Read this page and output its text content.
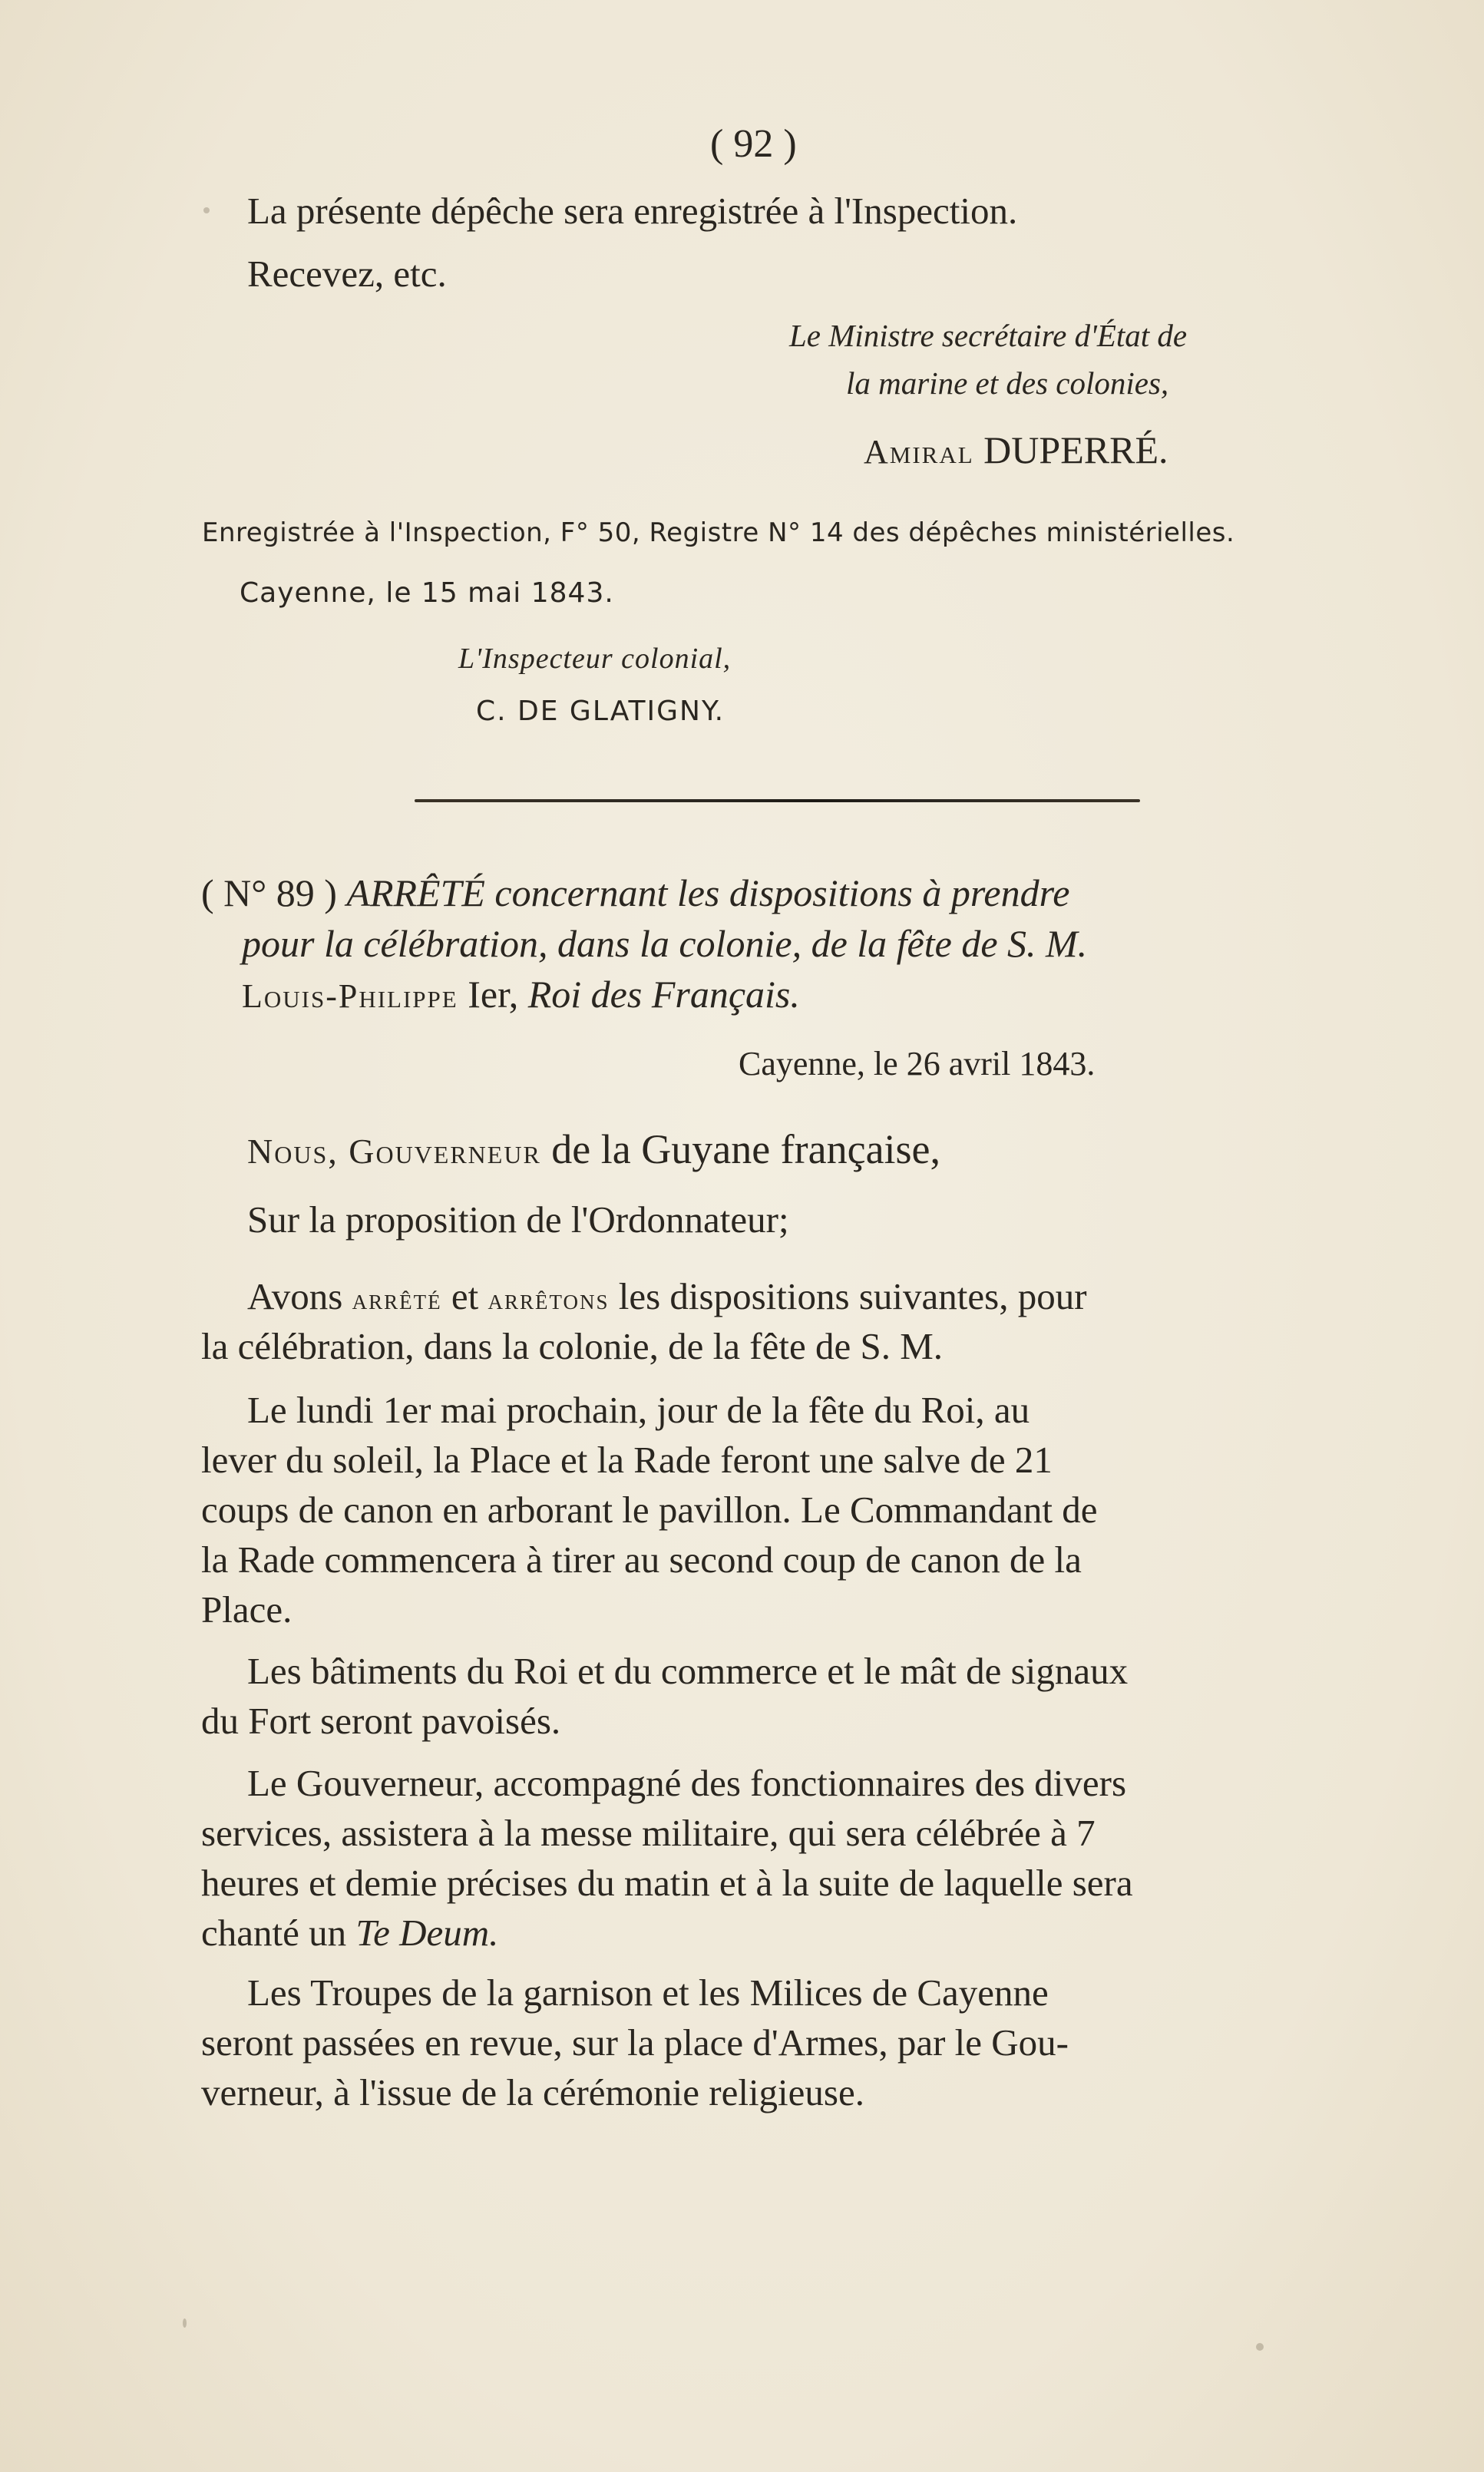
( 92 )
La présente dépêche sera enregistrée à l'Inspection.
Recevez, etc.
Le Ministre secrétaire d'État de
la marine et des colonies,
Amiral DUPERRÉ.
Enregistrée à l'Inspection, F° 50, Registre N° 14 des dépêches ministérielles.
Cayenne, le 15 mai 1843.
L'Inspecteur colonial,
C. DE GLATIGNY.
( N° 89 ) ARRÊTÉ concernant les dispositions à prendre
pour la célébration, dans la colonie, de la fête de S. M.
Louis-Philippe Ier, Roi des Français.
Cayenne, le 26 avril 1843.
Nous, Gouverneur de la Guyane française,
Sur la proposition de l'Ordonnateur;
Avons arrêté et arrêtons les dispositions suivantes, pour
la célébration, dans la colonie, de la fête de S. M.
Le lundi 1er mai prochain, jour de la fête du Roi, au
lever du soleil, la Place et la Rade feront une salve de 21
coups de canon en arborant le pavillon. Le Commandant de
la Rade commencera à tirer au second coup de canon de la
Place.
Les bâtiments du Roi et du commerce et le mât de signaux
du Fort seront pavoisés.
Le Gouverneur, accompagné des fonctionnaires des divers
services, assistera à la messe militaire, qui sera célébrée à 7
heures et demie précises du matin et à la suite de laquelle sera
chanté un Te Deum.
Les Troupes de la garnison et les Milices de Cayenne
seront passées en revue, sur la place d'Armes, par le Gou-
verneur, à l'issue de la cérémonie religieuse.
